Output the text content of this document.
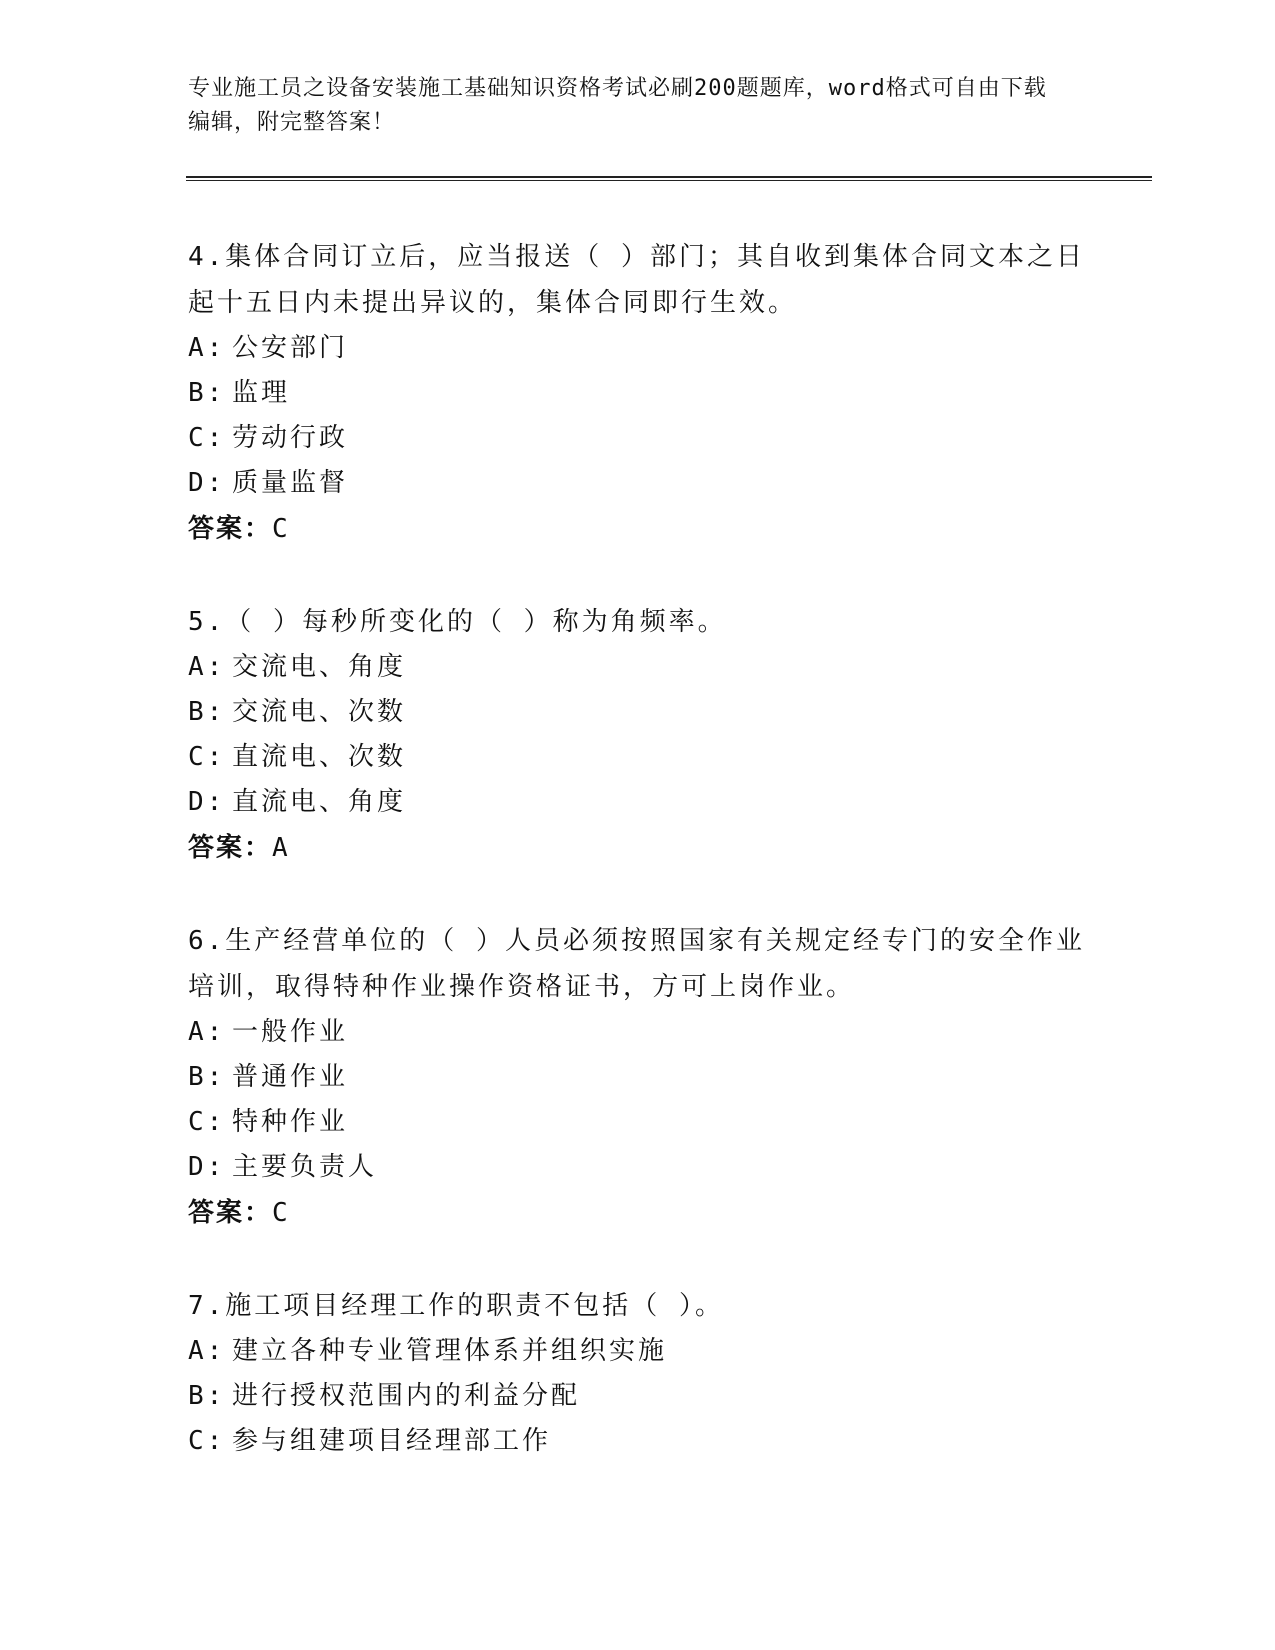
专业施工员之设备安装施工基础知识资格考试必刷200题题库，word格式可自由下载编辑，附完整答案！
4.集体合同订立后，应当报送（ ）部门；其自收到集体合同文本之日起十五日内未提出异议的，集体合同即行生效。
A: 公安部门
B: 监理
C: 劳动行政
D: 质量监督
答案：C
5.（ ）每秒所变化的（ ）称为角频率。
A: 交流电、角度
B: 交流电、次数
C: 直流电、次数
D: 直流电、角度
答案：A
6.生产经营单位的（ ）人员必须按照国家有关规定经专门的安全作业培训，取得特种作业操作资格证书，方可上岗作业。
A: 一般作业
B: 普通作业
C: 特种作业
D: 主要负责人
答案：C
7.施工项目经理工作的职责不包括（ ）。
A: 建立各种专业管理体系并组织实施
B: 进行授权范围内的利益分配
C: 参与组建项目经理部工作
